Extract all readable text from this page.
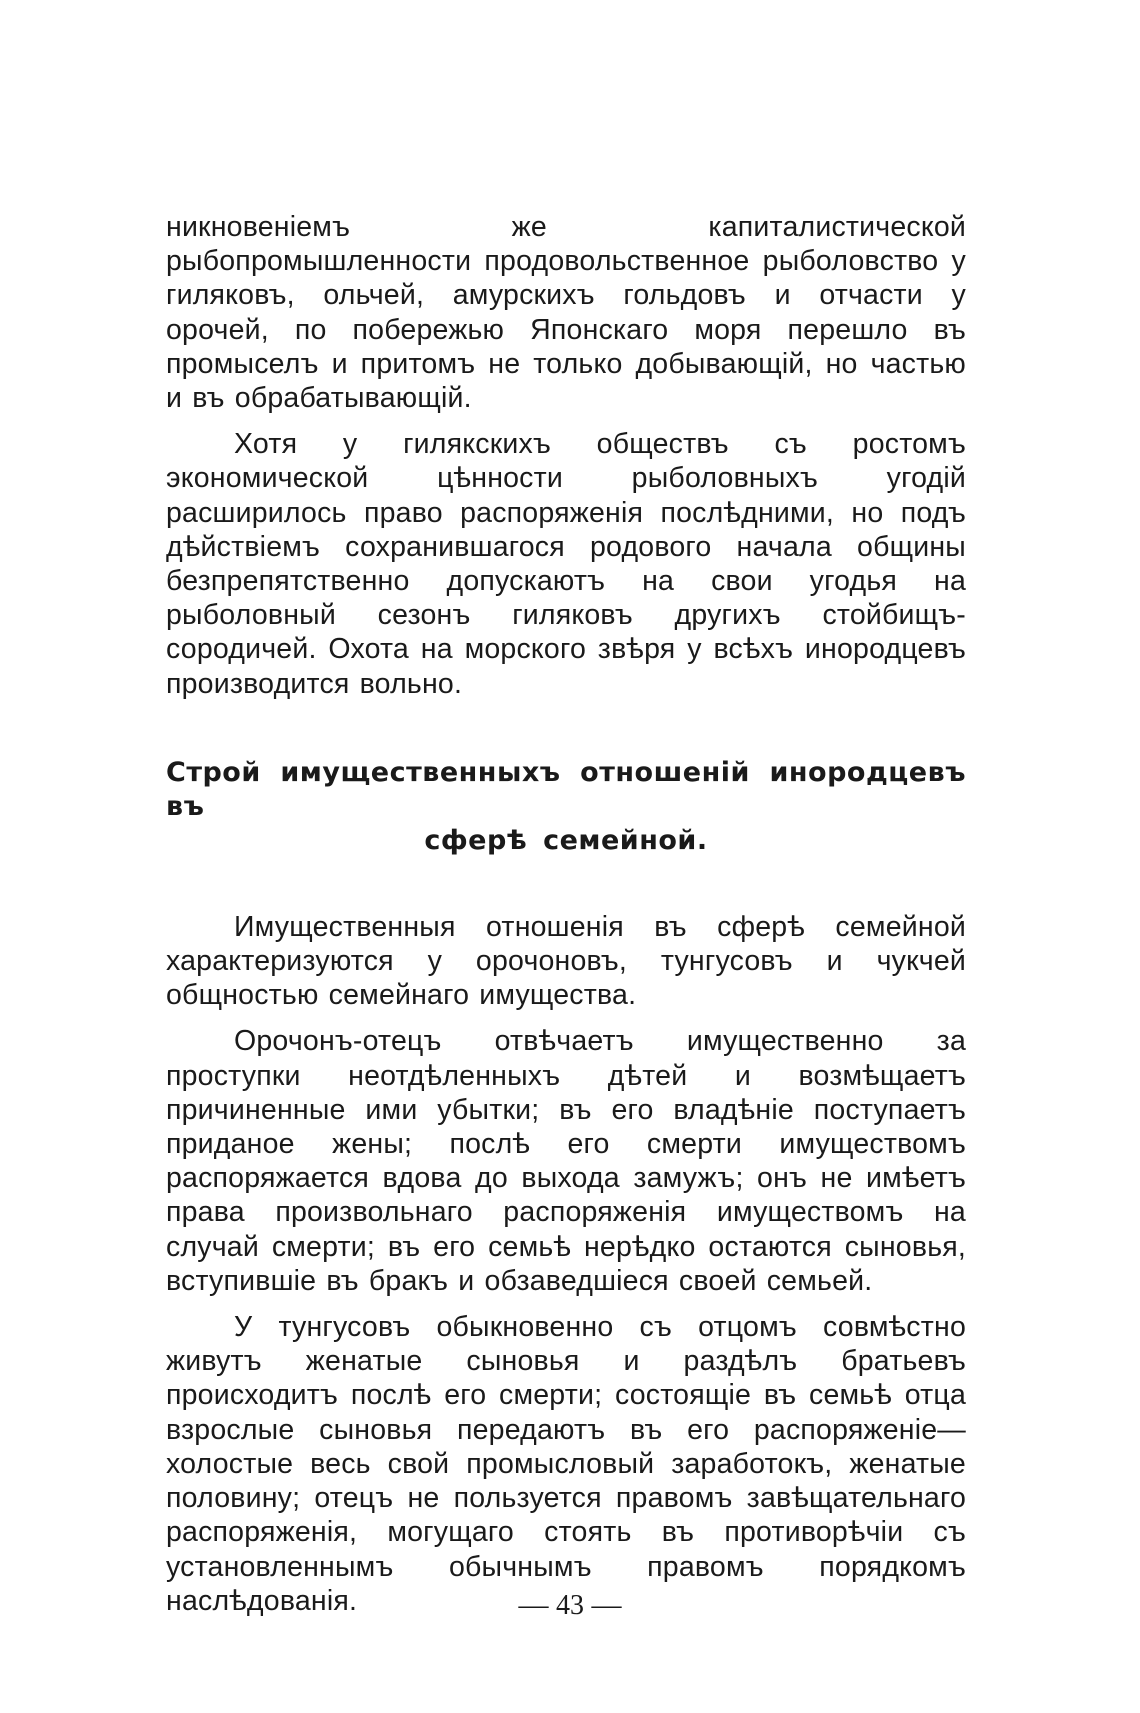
никновенiемъ же капиталистической рыбопромышленности продовольственное рыболовство у гиляковъ, ольчей, амурскихъ гольдовъ и отчасти у орочей, по побережью Японскаго моря перешло въ промыселъ и притомъ не только добывающiй, но частью и въ обрабатывающiй.

Хотя у гилякскихъ обществъ съ ростомъ экономической цѣнности рыболовныхъ угодiй расширилось право распоряженiя послѣдними, но подъ дѣйствiемъ сохранившагося родового начала общины безпрепятственно допускаютъ на свои угодья на рыболовный сезонъ гиляковъ другихъ стойбищъ-сородичей. Охота на морского звѣря у всѣхъ инородцевъ производится вольно.

Строй имущественныхъ отношенiй инородцевъ въ

сферѣ семейной.

Имущественныя отношенiя въ сферѣ семейной характеризуются у орочоновъ, тунгусовъ и чукчей общностью семейнаго имущества.

Орочонъ-отецъ отвѣчаетъ имущественно за проступки неотдѣленныхъ дѣтей и возмѣщаетъ причиненные ими убытки; въ его владѣнiе поступаетъ приданое жены; послѣ его смерти имуществомъ распоряжается вдова до выхода замужъ; онъ не имѣетъ права произвольнаго распоряженiя имуществомъ на случай смерти; въ его семьѣ нерѣдко остаются сыновья, вступившiе въ бракъ и обзаведшiеся своей семьей.

У тунгусовъ обыкновенно съ отцомъ совмѣстно живутъ женатые сыновья и раздѣлъ братьевъ происходитъ послѣ его смерти; состоящiе въ семьѣ отца взрослые сыновья передаютъ въ его распоряженiе— холостые весь свой промысловый заработокъ, женатые половину; отецъ не пользуется правомъ завѣщательнаго распоряженiя, могущаго стоять въ противорѣчiи съ установленнымъ обычнымъ правомъ порядкомъ наслѣдованiя.	— 43 —
